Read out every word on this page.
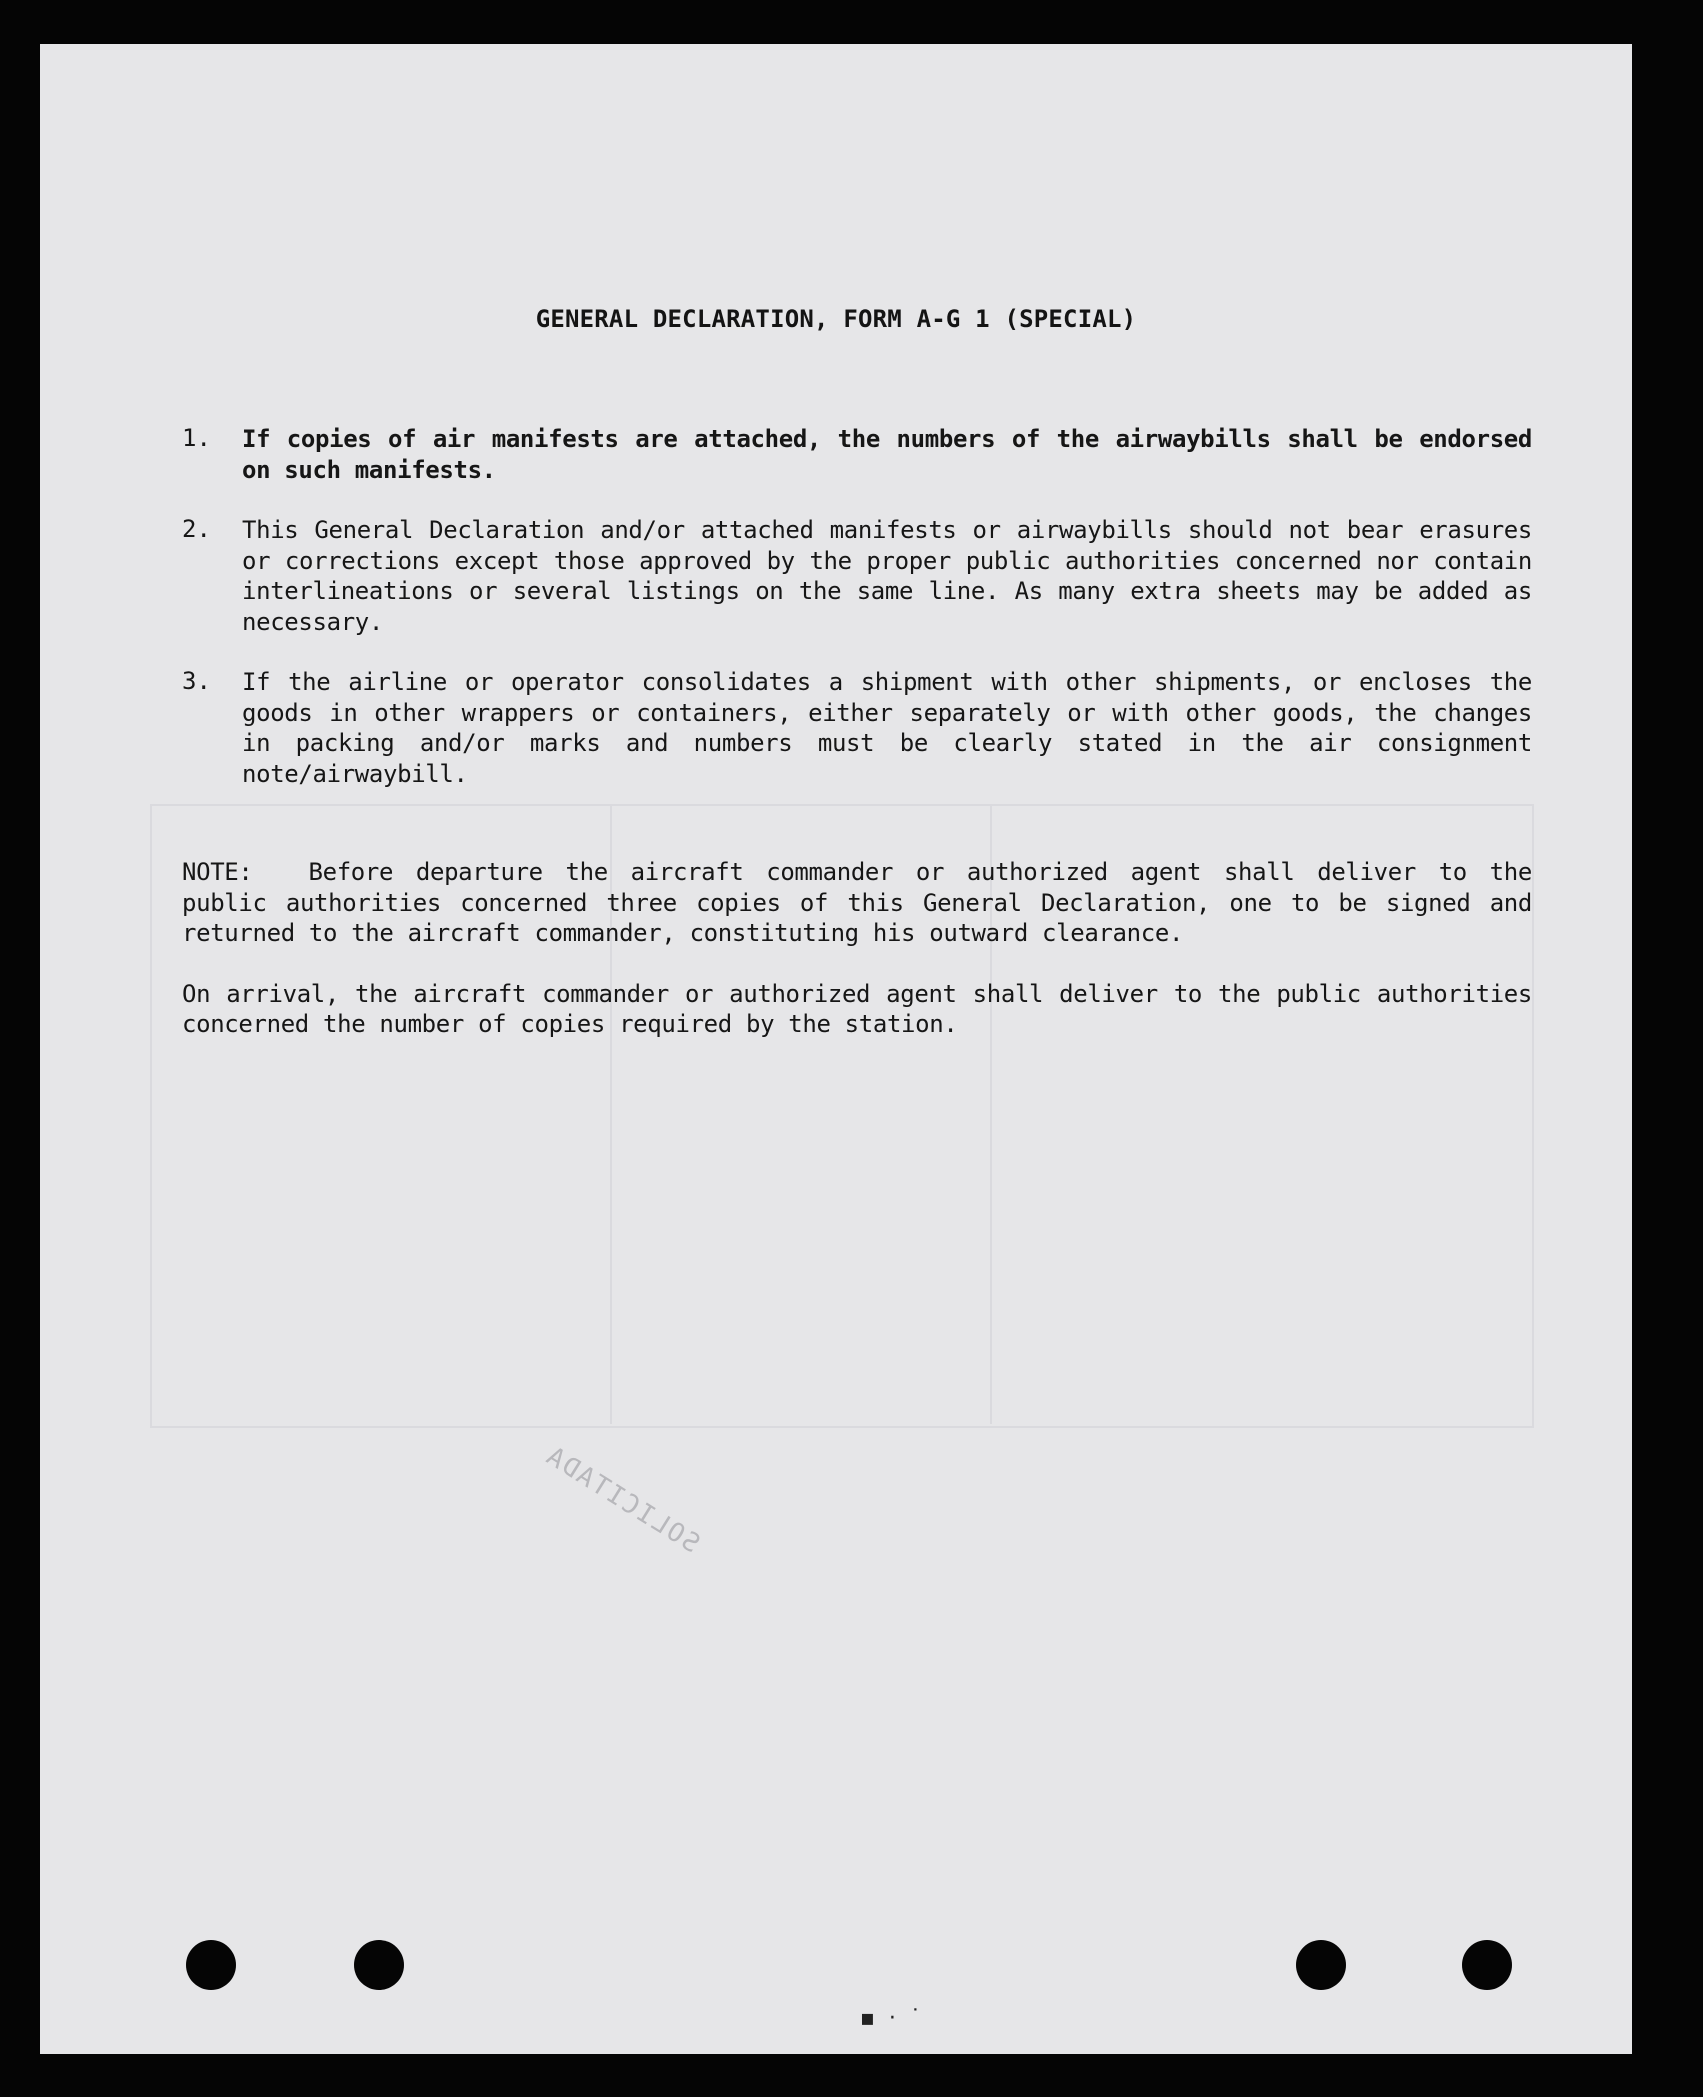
GENERAL DECLARATION, FORM A-G 1 (SPECIAL)
1. If copies of air manifests are attached, the numbers of the airwaybills shall be endorsed on such manifests.
2. This General Declaration and/or attached manifests or airwaybills should not bear erasures or corrections except those approved by the proper public authorities concerned nor contain interlineations or several listings on the same line. As many extra sheets may be added as necessary.
3. If the airline or operator consolidates a shipment with other shipments, or encloses the goods in other wrappers or containers, either separately or with other goods, the changes in packing and/or marks and numbers must be clearly stated in the air consignment note/airwaybill.

NOTE: Before departure the aircraft commander or authorized agent shall deliver to the public authorities concerned three copies of this General Declaration, one to be signed and returned to the aircraft commander, constituting his outward clearance.

On arrival, the aircraft commander or authorized agent shall deliver to the public authorities concerned the number of copies required by the station.

SOLICITADA
▪·˙
